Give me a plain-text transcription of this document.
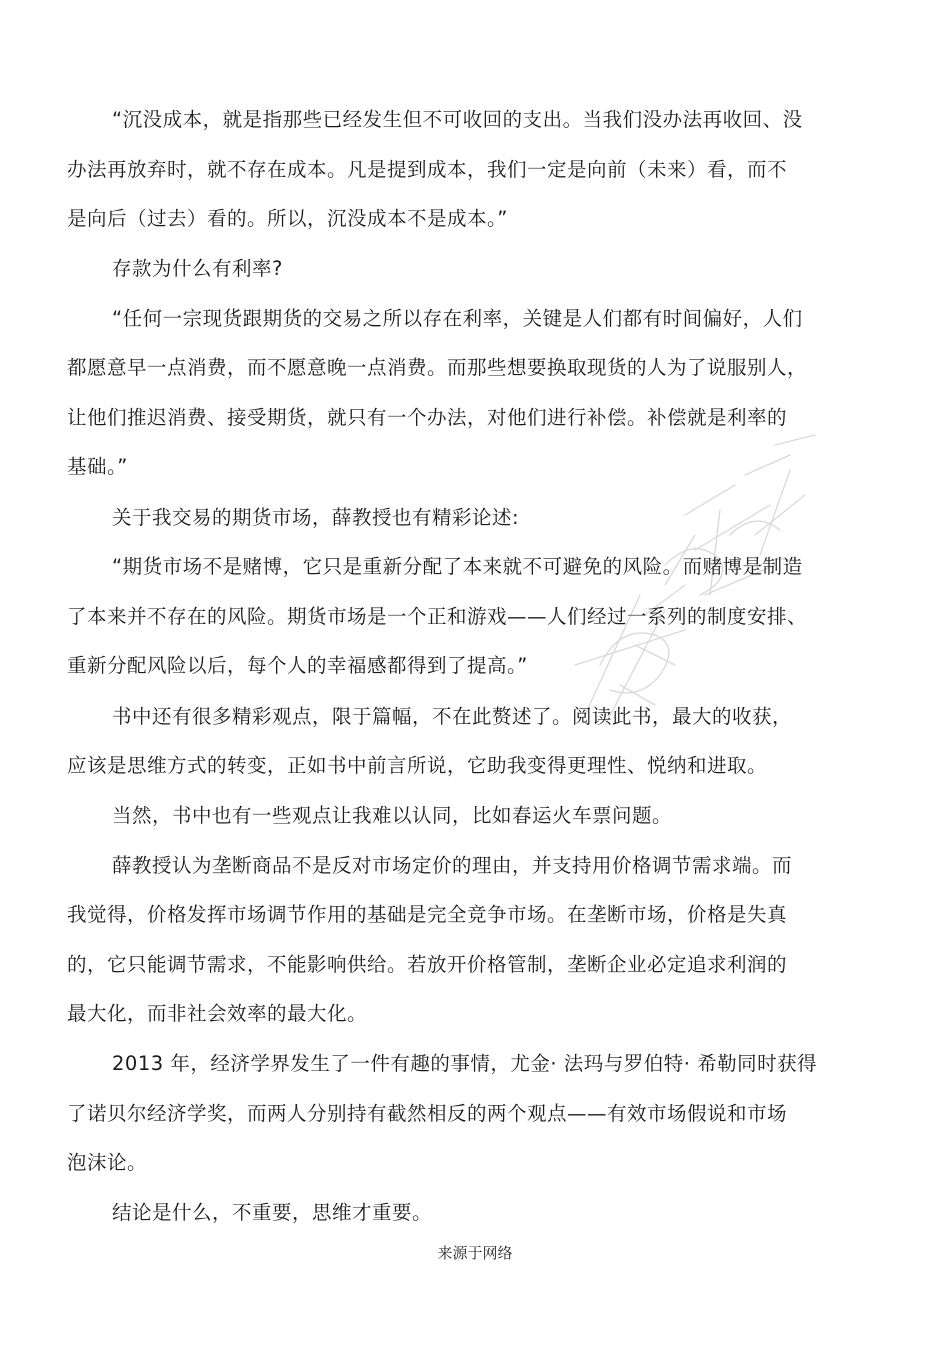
“沉没成本，就是指那些已经发生但不可收回的支出。当我们没办法再收回、没
办法再放弃时，就不存在成本。凡是提到成本，我们一定是向前（未来）看，而不
是向后（过去）看的。所以，沉没成本不是成本。”
存款为什么有利率?
“任何一宗现货跟期货的交易之所以存在利率，关键是人们都有时间偏好，人们
都愿意早一点消费，而不愿意晚一点消费。而那些想要换取现货的人为了说服别人，
让他们推迟消费、接受期货，就只有一个办法，对他们进行补偿。补偿就是利率的
基础。”
关于我交易的期货市场，薛教授也有精彩论述:
“期货市场不是赌博，它只是重新分配了本来就不可避免的风险。而赌博是制造
了本来并不存在的风险。期货市场是一个正和游戏——人们经过一系列的制度安排、
重新分配风险以后，每个人的幸福感都得到了提高。”
书中还有很多精彩观点，限于篇幅，不在此赘述了。阅读此书，最大的收获，
应该是思维方式的转变，正如书中前言所说，它助我变得更理性、悦纳和进取。
当然，书中也有一些观点让我难以认同，比如春运火车票问题。
薛教授认为垄断商品不是反对市场定价的理由，并支持用价格调节需求端。而
我觉得，价格发挥市场调节作用的基础是完全竞争市场。在垄断市场，价格是失真
的，它只能调节需求，不能影响供给。若放开价格管制，垄断企业必定追求利润的
最大化，而非社会效率的最大化。
2013 年，经济学界发生了一件有趣的事情，尤金· 法玛与罗伯特· 希勒同时获得
了诺贝尔经济学奖，而两人分别持有截然相反的两个观点——有效市场假说和市场
泡沫论。
结论是什么，不重要，思维才重要。
来源于网络
